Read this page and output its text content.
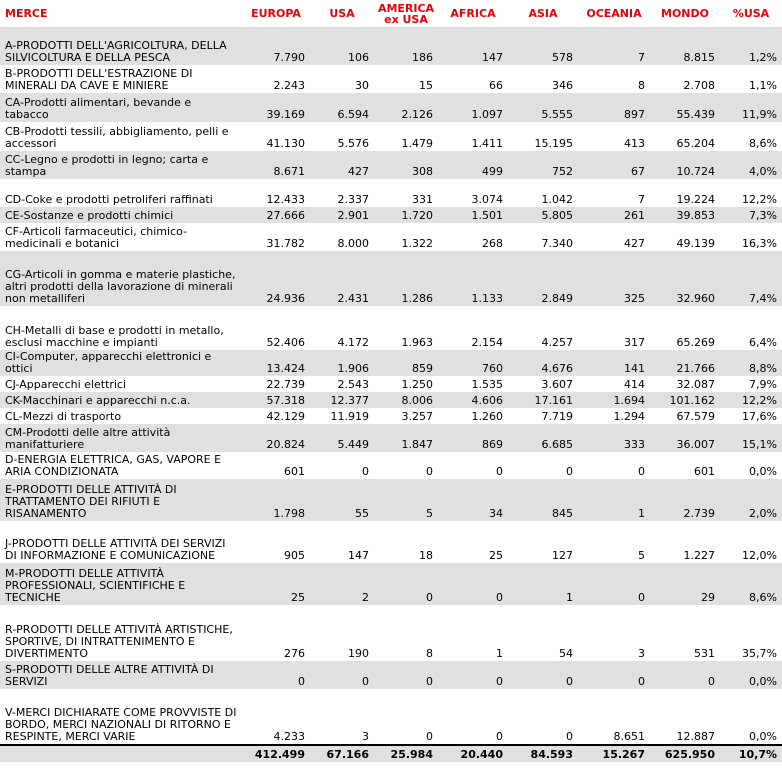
MERCE	EUROPA	USA	AMERICA ex USA	AFRICA	ASIA	OCEANIA	MONDO	%USA
A-PRODOTTI DELL'AGRICOLTURA, DELLA SILVICOLTURA E DELLA PESCA	7.790	106	186	147	578	7	8.815	1,2%
B-PRODOTTI DELL'ESTRAZIONE DI MINERALI DA CAVE E MINIERE	2.243	30	15	66	346	8	2.708	1,1%
CA-Prodotti alimentari, bevande e tabacco	39.169	6.594	2.126	1.097	5.555	897	55.439	11,9%
CB-Prodotti tessili, abbigliamento, pelli e accessori	41.130	5.576	1.479	1.411	15.195	413	65.204	8,6%
CC-Legno e prodotti in legno; carta e stampa	8.671	427	308	499	752	67	10.724	4,0%
CD-Coke e prodotti petroliferi raffinati	12.433	2.337	331	3.074	1.042	7	19.224	12,2%
CE-Sostanze e prodotti chimici	27.666	2.901	1.720	1.501	5.805	261	39.853	7,3%
CF-Articoli farmaceutici, chimico-medicinali e botanici	31.782	8.000	1.322	268	7.340	427	49.139	16,3%
CG-Articoli in gomma e materie plastiche, altri prodotti della lavorazione di minerali non metalliferi	24.936	2.431	1.286	1.133	2.849	325	32.960	7,4%
CH-Metalli di base e prodotti in metallo, esclusi macchine e impianti	52.406	4.172	1.963	2.154	4.257	317	65.269	6,4%
CI-Computer, apparecchi elettronici e ottici	13.424	1.906	859	760	4.676	141	21.766	8,8%
CJ-Apparecchi elettrici	22.739	2.543	1.250	1.535	3.607	414	32.087	7,9%
CK-Macchinari e apparecchi n.c.a.	57.318	12.377	8.006	4.606	17.161	1.694	101.162	12,2%
CL-Mezzi di trasporto	42.129	11.919	3.257	1.260	7.719	1.294	67.579	17,6%
CM-Prodotti delle altre attività manifatturiere	20.824	5.449	1.847	869	6.685	333	36.007	15,1%
D-ENERGIA ELETTRICA, GAS, VAPORE E ARIA CONDIZIONATA	601	0	0	0	0	0	601	0,0%
E-PRODOTTI DELLE ATTIVITÀ DI TRATTAMENTO DEI RIFIUTI E RISANAMENTO	1.798	55	5	34	845	1	2.739	2,0%
J-PRODOTTI DELLE ATTIVITÀ DEI SERVIZI DI INFORMAZIONE E COMUNICAZIONE	905	147	18	25	127	5	1.227	12,0%
M-PRODOTTI DELLE ATTIVITÀ PROFESSIONALI, SCIENTIFICHE E TECNICHE	25	2	0	0	1	0	29	8,6%
R-PRODOTTI DELLE ATTIVITÀ ARTISTICHE, SPORTIVE, DI INTRATTENIMENTO E DIVERTIMENTO	276	190	8	1	54	3	531	35,7%
S-PRODOTTI DELLE ALTRE ATTIVITÀ DI SERVIZI	0	0	0	0	0	0	0	0,0%
V-MERCI DICHIARATE COME PROVVISTE DI BORDO, MERCI NAZIONALI DI RITORNO E RESPINTE, MERCI VARIE	4.233	3	0	0	0	8.651	12.887	0,0%
	412.499	67.166	25.984	20.440	84.593	15.267	625.950	10,7%
